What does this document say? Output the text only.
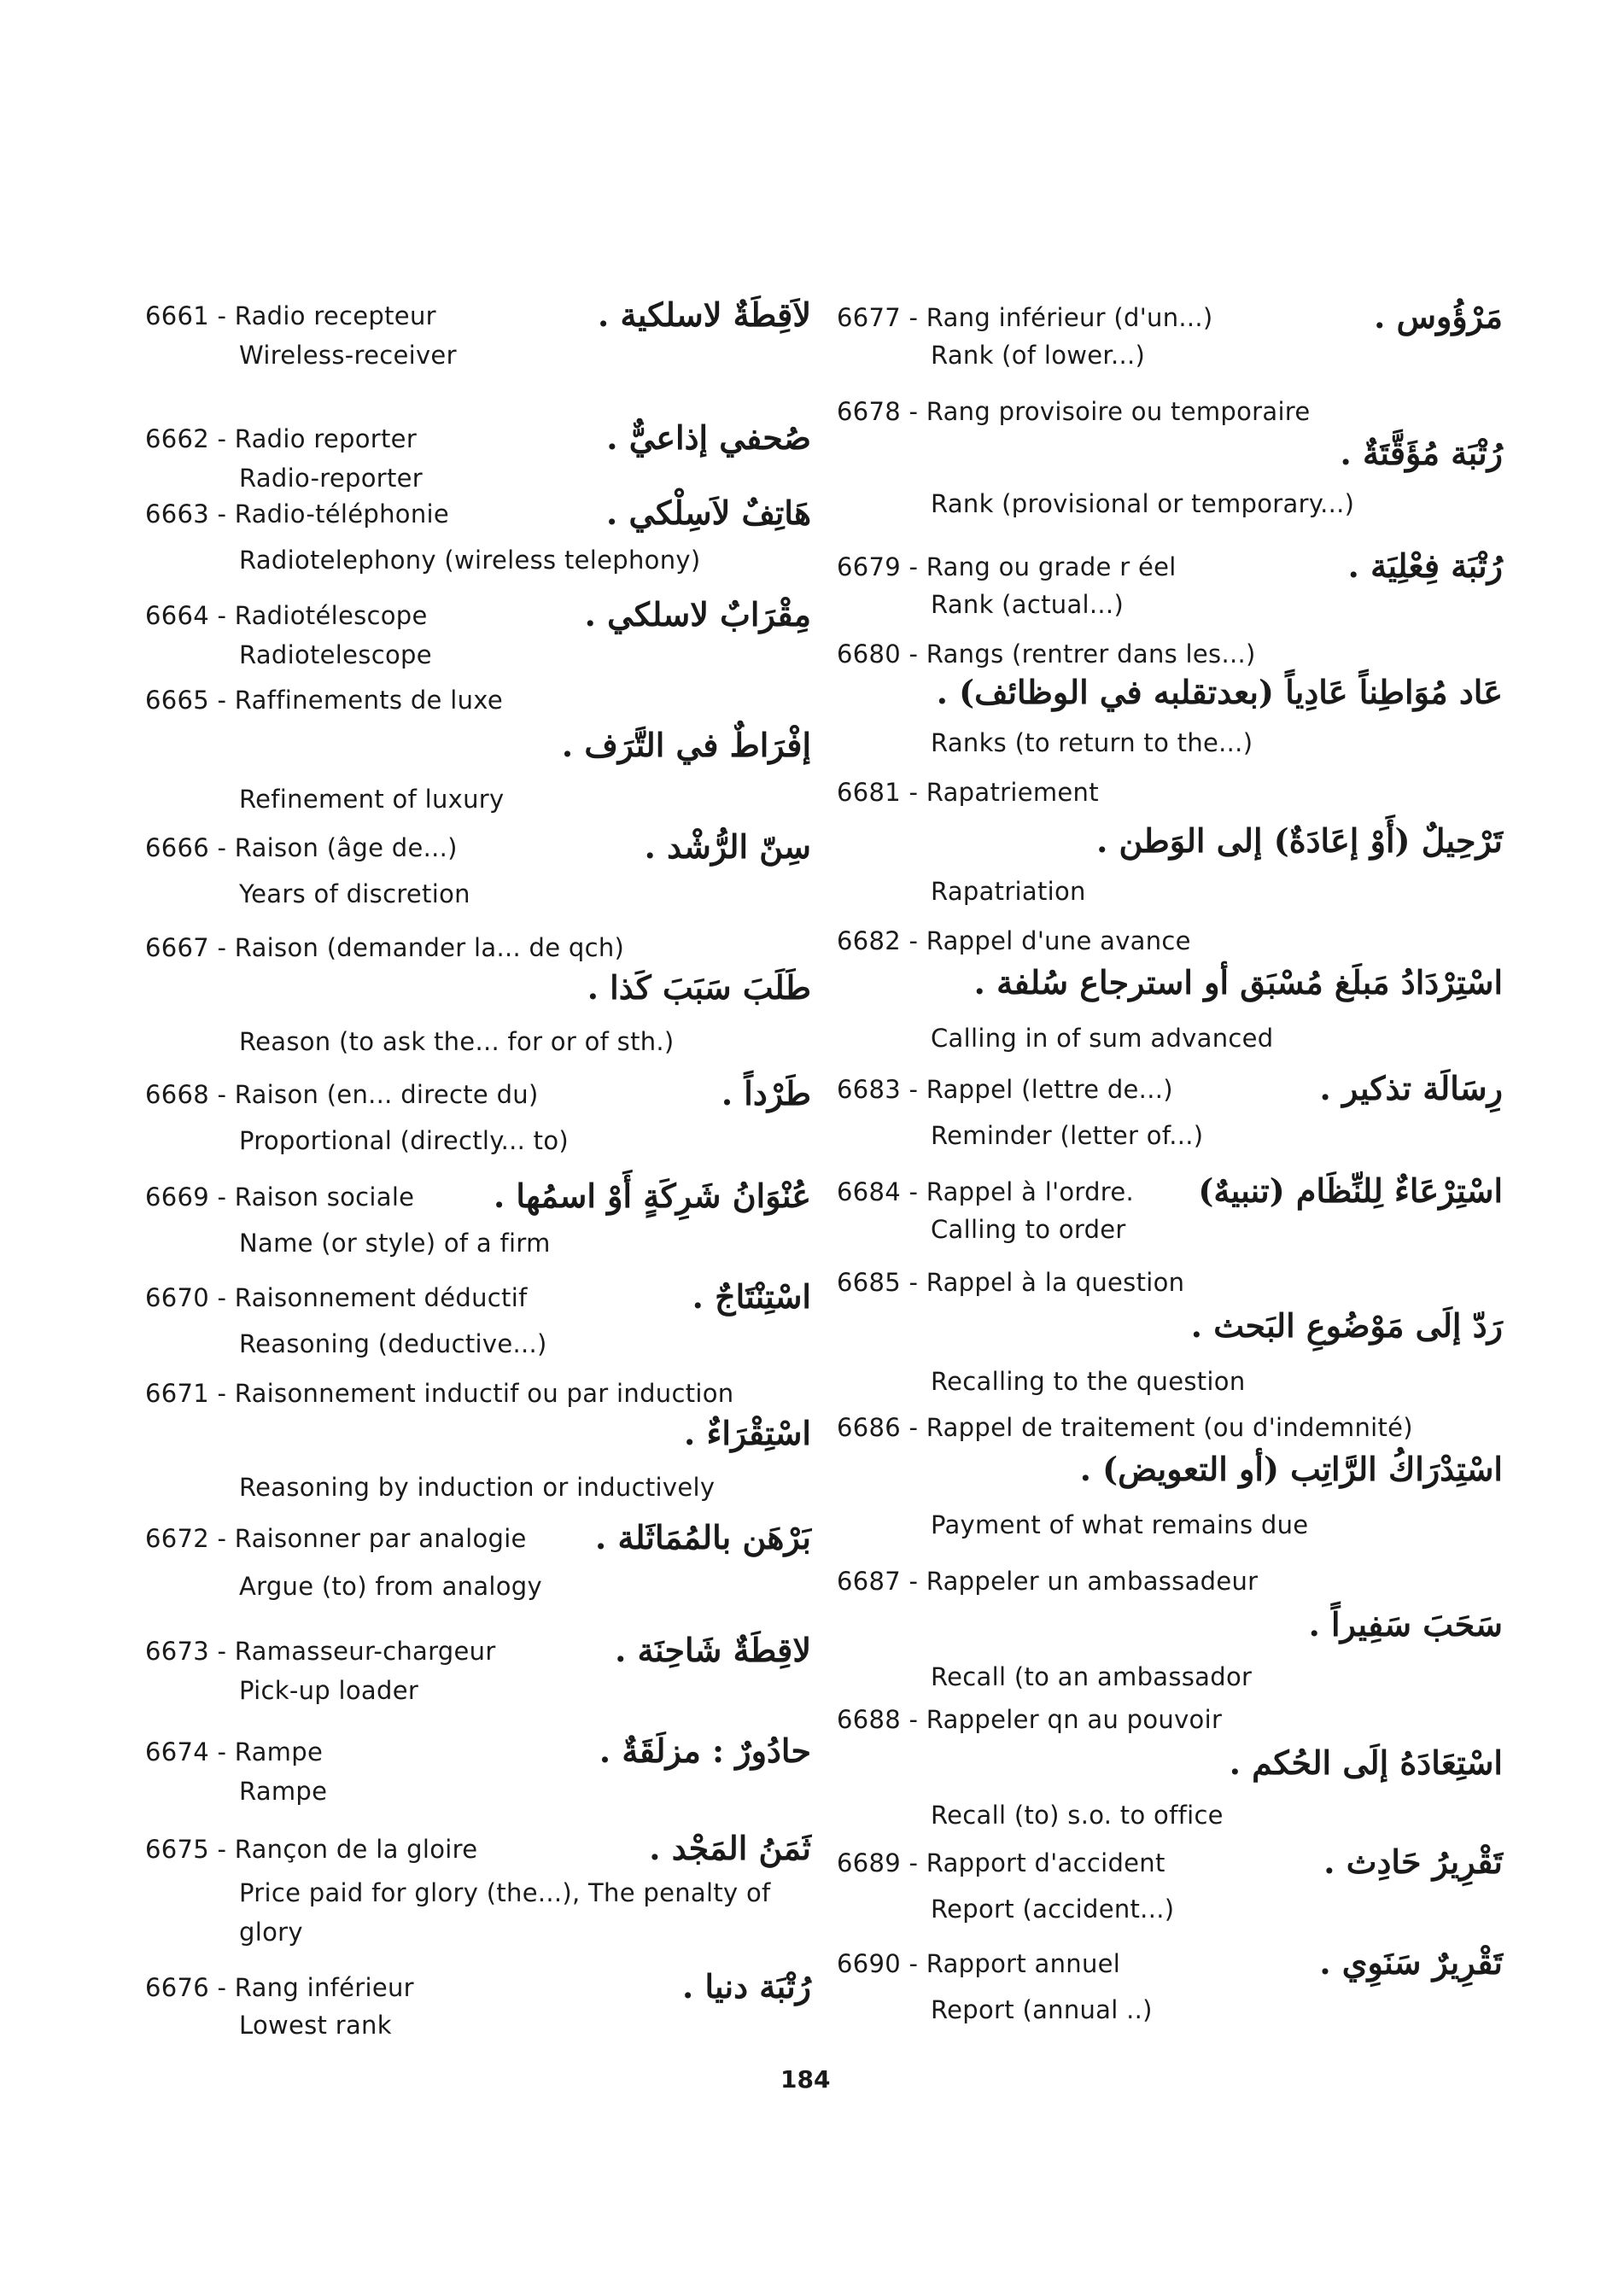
6661 - Radio recepteur	لاَقِطَةٌ لاسلكية .
Wireless-receiver
6662 - Radio reporter	صُحفي إذاعيٌّ .
Radio-reporter
6663 - Radio-téléphonie	هَاتِفٌ لاَسِلْكي .
Radiotelephony (wireless telephony)
6664 - Radiotélescope	مِقْرَابٌ لاسلكي .
Radiotelescope
6665 - Raffinements de luxe
إفْرَاطٌ في التَّرَف .
Refinement of luxury
6666 - Raison (âge de...)	سِنّ الرُّشْد .
Years of discretion
6667 - Raison (demander la... de qch)
طَلَبَ سَبَبَ كَذا .
Reason (to ask the... for or of sth.)
6668 - Raison (en... directe du)	طَرْداً .
Proportional (directly... to)
6669 - Raison sociale عُنْوَانُ شَرِكَةٍ أَوْ اسمُها .
Name (or style) of a firm
6670 - Raisonnement déductif	اسْتِنْتَاجٌ .
Reasoning (deductive...)
6671 - Raisonnement inductif ou par induction
اسْتِقْرَاءٌ .
Reasoning by induction or inductively
6672 - Raisonner par analogie بَرْهَن بالمُمَاثَلة .
Argue (to) from analogy
6673 - Ramasseur-chargeur	لاقِطَةٌ شَاحِنَة .
Pick-up loader
6674 - Rampe	حادُورٌ : مزلَقَةٌ .
Rampe
6675 - Rançon de la gloire	ثَمَنُ المَجْد .
Price paid for glory (the...), The penalty of glory
6676 - Rang inférieur	رُتْبَة دنيا .
Lowest rank
6677 - Rang inférieur (d'un...)	مَرْؤُوس .
Rank (of lower...)
6678 - Rang provisoire ou temporaire
رُتْبَة مُؤَقَّتَةٌ .
Rank (provisional or temporary...)
6679 - Rang ou grade r éel	رُتْبَة فِعْلِيَة .
Rank (actual...)
6680 - Rangs (rentrer dans les...)
عَاد مُوَاطِناً عَادِياً (بعدتقلبه في الوظائف) .
Ranks (to return to the...)
6681 - Rapatriement
تَرْحِيلٌ (أَوْ إعَادَةٌ) إلى الوَطن .
Rapatriation
6682 - Rappel d'une avance
اسْتِرْدَادُ مَبلَغ مُسْبَق أو استرجاع سُلفة .
Calling in of sum advanced
6683 - Rappel (lettre de...)	رِسَالَة تذكير .
Reminder (letter of...)
6684 - Rappel à l'ordre. اسْتِرْعَاءٌ لِلنِّظَام (تنبيهٌ)
Calling to order
6685 - Rappel à la question
رَدّ إلَى مَوْضُوعِ البَحث .
Recalling to the question
6686 - Rappel de traitement (ou d'indemnité)
اسْتِدْرَاكُ الرَّاتِب (أو التعويض) .
Payment of what remains due
6687 - Rappeler un ambassadeur
سَحَبَ سَفِيراً .
Recall (to an ambassador
6688 - Rappeler qn au pouvoir
اسْتِعَادَهُ إلَى الحُكم .
Recall (to) s.o. to office
6689 - Rapport d'accident	تَقْرِيرُ حَادِث .
Report (accident...)
6690 - Rapport annuel	تَقْرِيرٌ سَنَوِي .
Report (annual ..)
184
